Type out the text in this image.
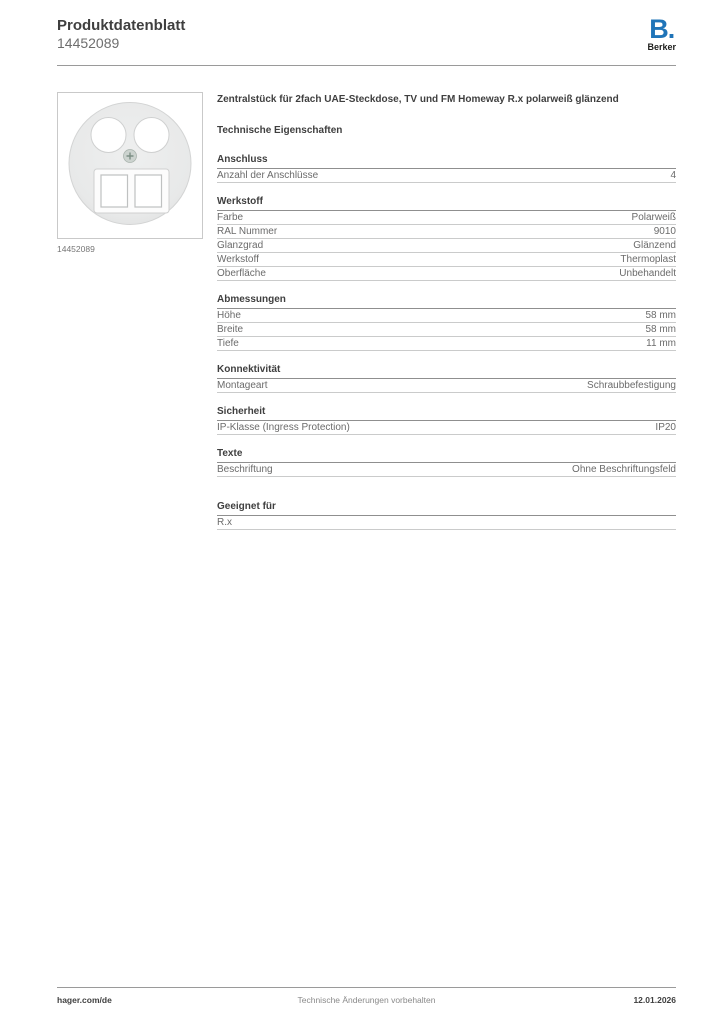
Produktdatenblatt
14452089	B.
Berker
14452089
Zentralstück für 2fach UAE-Steckdose, TV und FM Homeway R.x polarweiß glänzend
Technische Eigenschaften
Anschluss
Anzahl der Anschlüsse	4
Werkstoff
Farbe	Polarweiß
RAL Nummer	9010
Glanzgrad	Glänzend
Werkstoff	Thermoplast
Oberfläche	Unbehandelt
Abmessungen
Höhe	58 mm
Breite	58 mm
Tiefe	11 mm
Konnektivität
Montageart	Schraubbefestigung
Sicherheit
IP-Klasse (Ingress Protection)	IP20
Texte
Beschriftung	Ohne Beschriftungsfeld
Geeignet für
R.x
hager.com/de	Technische Änderungen vorbehalten	12.01.2026
